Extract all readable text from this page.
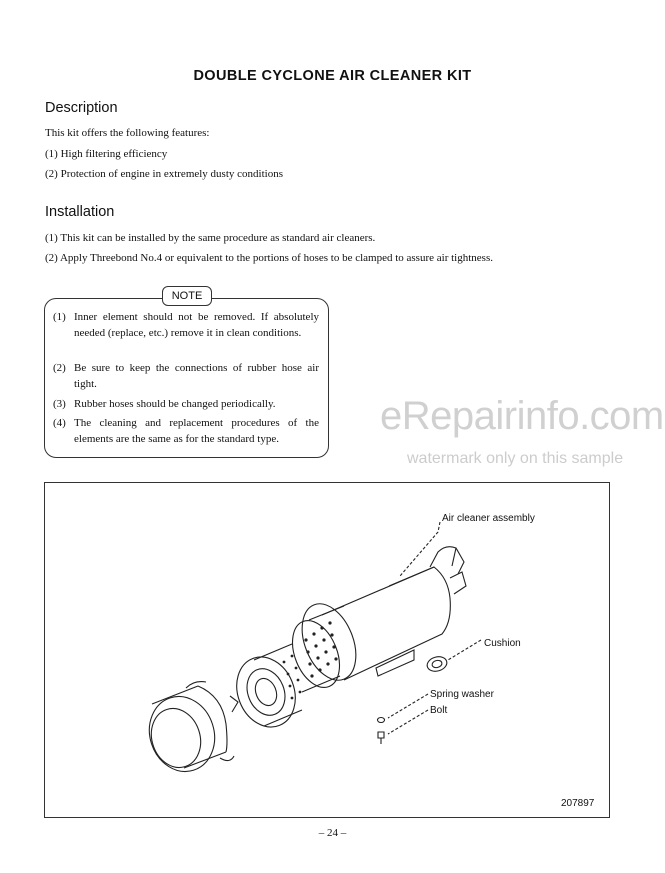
DOUBLE CYCLONE AIR CLEANER KIT
Description
This kit offers the following features:
(1) High filtering efficiency
(2) Protection of engine in extremely dusty conditions
Installation
(1) This kit can be installed by the same procedure as standard air cleaners.
(2) Apply Threebond No.4 or equivalent to the portions of hoses to be clamped to assure air tightness.
NOTE
(1) Inner element should not be removed. If absolutely needed (replace, etc.) remove it in clean conditions.
(2) Be sure to keep the connections of rubber hose air tight.
(3) Rubber hoses should be changed periodically.
(4) The cleaning and replacement procedures of the elements are the same as for the standard type.
eRepairinfo.com
watermark only on this sample
Air cleaner assembly
Cushion
Spring washer
Bolt
207897
– 24 –
